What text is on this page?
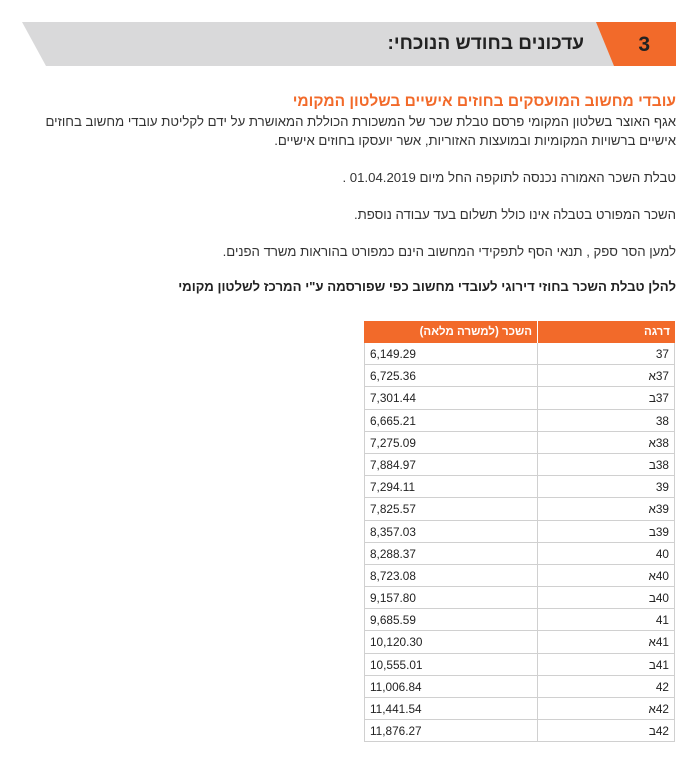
עדכונים בחודש הנוכחי:	3
עובדי מחשוב המועסקים בחוזים אישיים בשלטון המקומי

אגף האוצר בשלטון המקומי פרסם טבלת שכר של המשכורת הכוללת המאושרת על ידם לקליטת עובדי מחשוב בחוזים אישיים ברשויות המקומיות ובמועצות האזוריות, אשר יועסקו בחוזים אישיים.

טבלת השכר האמורה נכנסה לתוקפה החל מיום 01.04.2019 .

השכר המפורט בטבלה אינו כולל תשלום בעד עבודה נוספת.

למען הסר ספק , תנאי הסף לתפקידי המחשוב הינם כמפורט בהוראות משרד הפנים.

להלן טבלת השכר בחוזי דירוגי לעובדי מחשוב כפי שפורסמה ע"י המרכז לשלטון מקומי

דרגה
השכר (למשרה מלאה)
37
6,149.29
37א
6,725.36
37ב
7,301.44
38
6,665.21
38א
7,275.09
38ב
7,884.97
39
7,294.11
39א
7,825.57
39ב
8,357.03
40
8,288.37
40א
8,723.08
40ב
9,157.80
41
9,685.59
41א
10,120.30
41ב
10,555.01
42
11,006.84
42א
11,441.54
42ב
11,876.27
